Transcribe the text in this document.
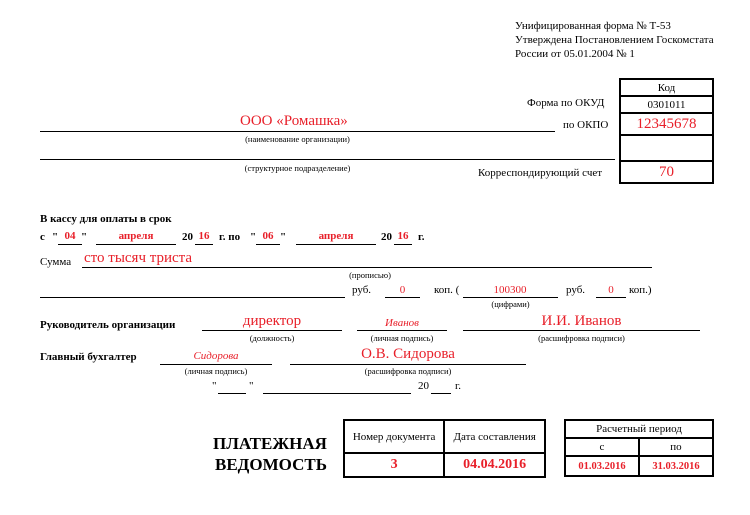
Унифицированная форма № Т-53
Утверждена Постановлением Госкомстата
России от 05.01.2004 № 1
Код
0301011
12345678

70
Форма по ОКУД
по ОКПО
Корреспондирующий счет
ООО «Ромашка»
(наименование организации)
(структурное подразделение)
В кассу для оплаты в срок
с " 04 "	апреля	20 16 г. по " 06 "	апреля	20 16 г.
Сумма сто тысяч триста
(прописью)
руб.	0	коп. (	100300
(цифрами)
руб.	0	коп.)
Руководитель организации	директор
(должность)
Иванов
(личная подпись)
И.И. Иванов
(расшифровка подписи)
Главный бухгалтер	Сидорова
(личная подпись)
О.В. Сидорова
(расшифровка подписи)
"	"	20 г.
ПЛАТЕЖНАЯ
ВЕДОМОСТЬ
Номер документа	Дата составления
3	04.04.2016
Расчетный период	
с	по
01.03.2016	31.03.2016
